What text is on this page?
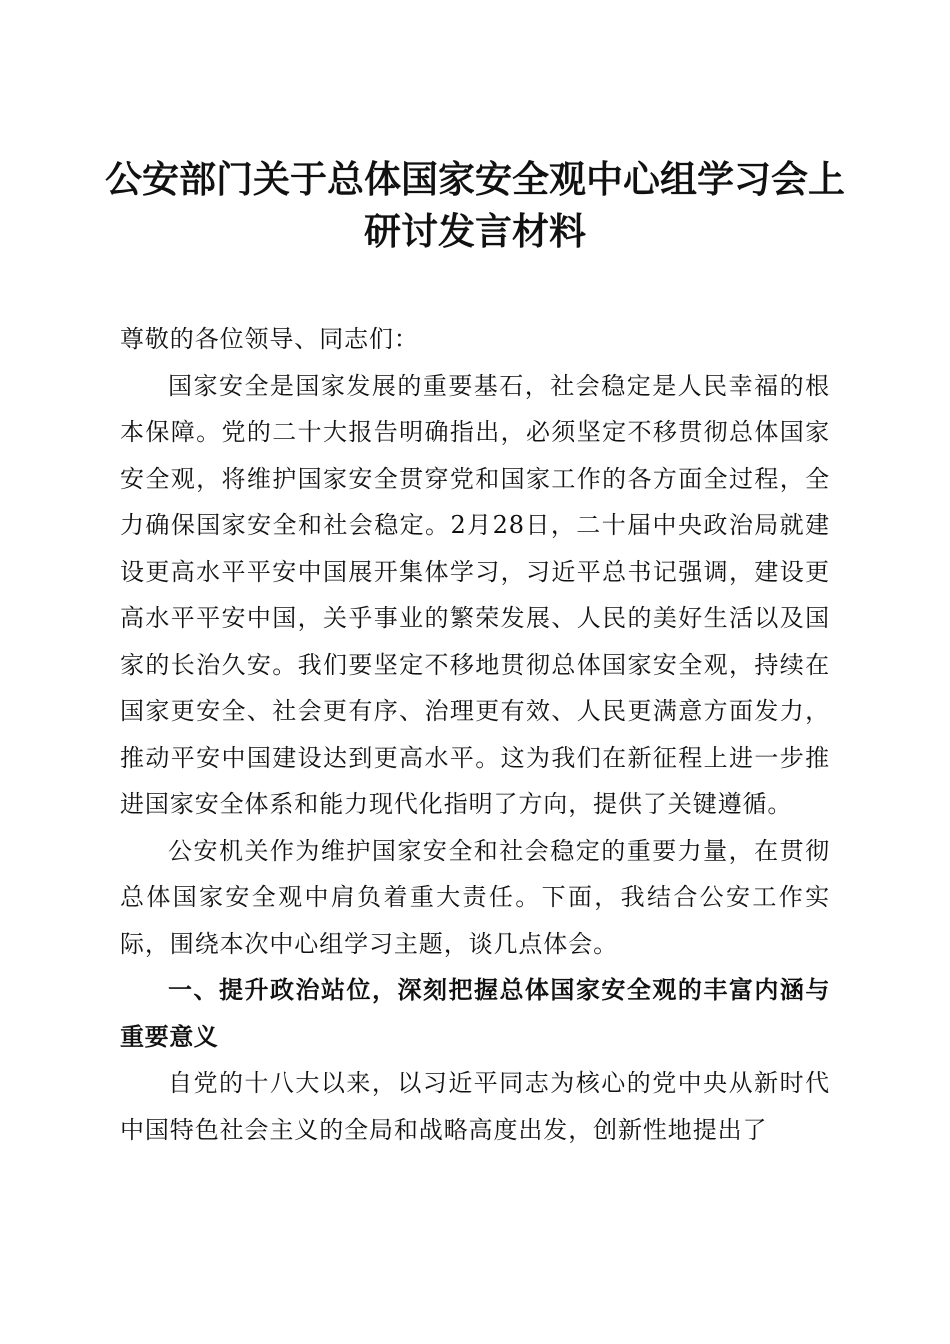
公安部门关于总体国家安全观中心组学习会上研讨发言材料

尊敬的各位领导、同志们：

国家安全是国家发展的重要基石，社会稳定是人民幸福的根本保障。党的二十大报告明确指出，必须坚定不移贯彻总体国家安全观，将维护国家安全贯穿党和国家工作的各方面全过程，全力确保国家安全和社会稳定。2月28日，二十届中央政治局就建设更高水平平安中国展开集体学习，习近平总书记强调，建设更高水平平安中国，关乎事业的繁荣发展、人民的美好生活以及国家的长治久安。我们要坚定不移地贯彻总体国家安全观，持续在国家更安全、社会更有序、治理更有效、人民更满意方面发力，推动平安中国建设达到更高水平。这为我们在新征程上进一步推进国家安全体系和能力现代化指明了方向，提供了关键遵循。

公安机关作为维护国家安全和社会稳定的重要力量，在贯彻总体国家安全观中肩负着重大责任。下面，我结合公安工作实际，围绕本次中心组学习主题，谈几点体会。

一、提升政治站位，深刻把握总体国家安全观的丰富内涵与重要意义

自党的十八大以来，以习近平同志为核心的党中央从新时代中国特色社会主义的全局和战略高度出发，创新性地提出了
